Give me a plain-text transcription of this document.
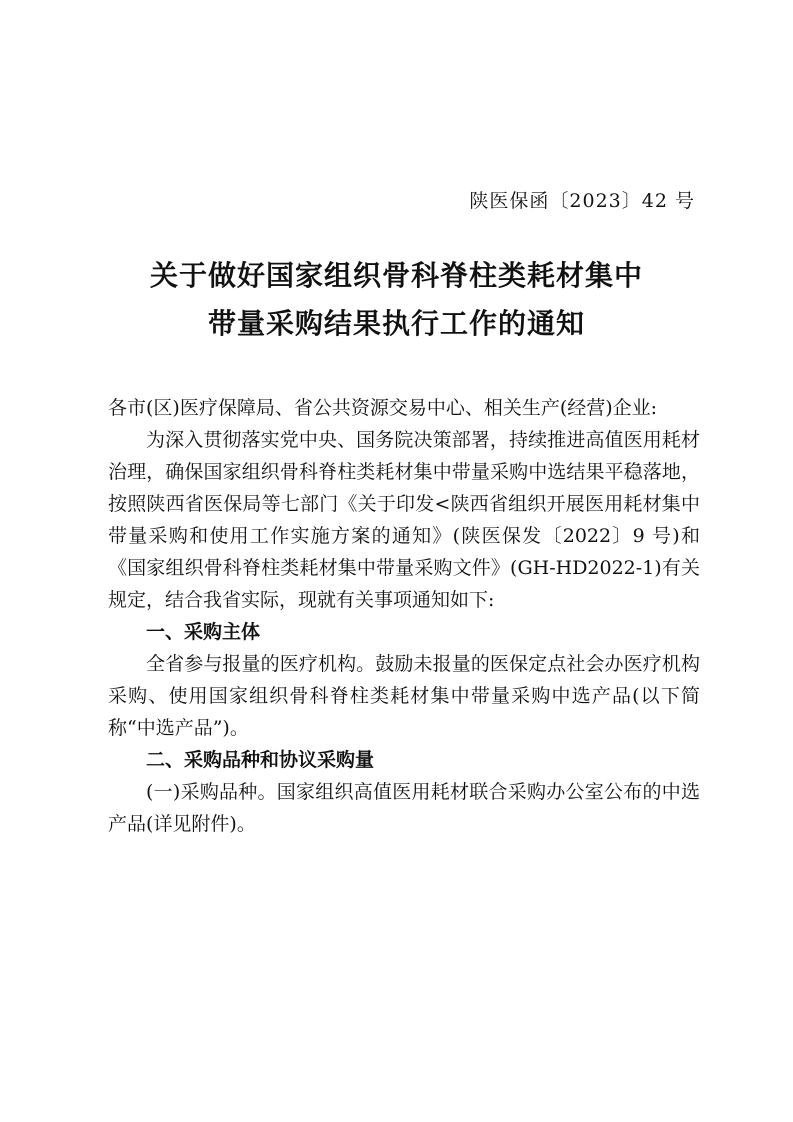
陕医保函〔2023〕42 号
关于做好国家组织骨科脊柱类耗材集中
带量采购结果执行工作的通知

各市(区)医疗保障局、省公共资源交易中心、相关生产(经营)企业:

为深入贯彻落实党中央、国务院决策部署，持续推进高值医用耗材治理，确保国家组织骨科脊柱类耗材集中带量采购中选结果平稳落地，按照陕西省医保局等七部门《关于印发<陕西省组织开展医用耗材集中带量采购和使用工作实施方案的通知》(陕医保发〔2022〕9 号)和《国家组织骨科脊柱类耗材集中带量采购文件》(GH-HD2022-1)有关规定，结合我省实际，现就有关事项通知如下:

一、采购主体

全省参与报量的医疗机构。鼓励未报量的医保定点社会办医疗机构采购、使用国家组织骨科脊柱类耗材集中带量采购中选产品(以下简称“中选产品”)。

二、采购品种和协议采购量

(一)采购品种。国家组织高值医用耗材联合采购办公室公布的中选产品(详见附件)。
